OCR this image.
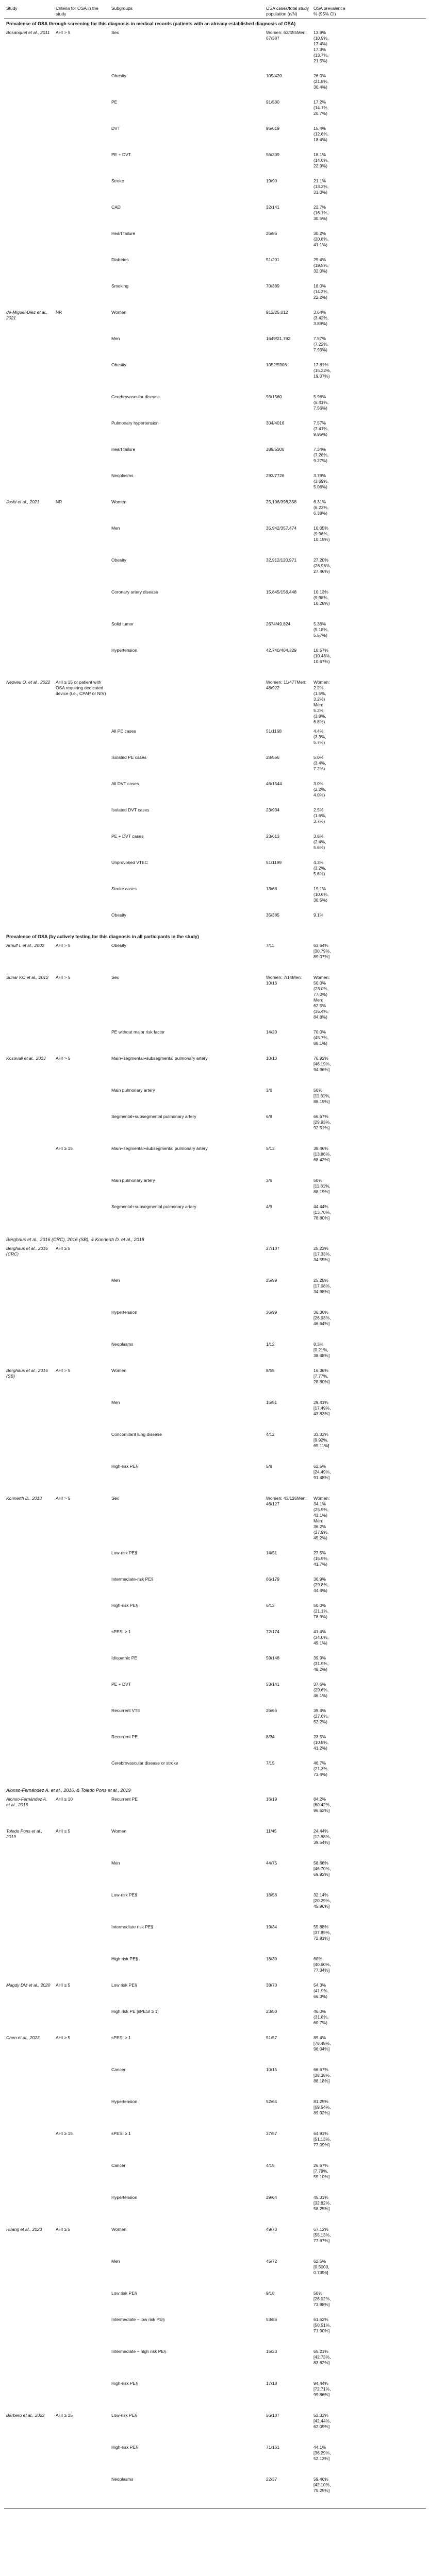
Study	Criteria for OSA in the study	Subgroups	OSA cases/total study population (n/N)	OSA prevalence
% (95% CI)

Prevalence of OSA through screening for this diagnosis in medical records (patients with an already established diagnosis of OSA)				
Bosanquet et al., 2011	AHI > 5	Sex	Women: 63/455Men: 67/387	13.9% (10.9%, 17.4%) 17.3% (13.7%, 21.5%)
		Obesity	109/420	26.0% (21.8%, 30.4%)
		PE	91/530	17.2% (14.1%, 20.7%)
		DVT	95/619	15.4% (12.6%, 18.4%)
		PE + DVT	56/309	18.1% (14.0%, 22.9%)
		Stroke	19/90	21.1% (13.2%, 31.0%)
		CAD	32/141	22.7% (16.1%, 30.5%)
		Heart failure	26/86	30.2% (20.8%, 41.1%)
		Diabetes	51/201	25.4% (19.5%, 32.0%)
		Smoking	70/389	18.0% (14.3%, 22.2%)
de-Miguel-Diez et al., 2021	NR	Women	912/25,012	3.64% (3.42%, 3.89%)
		Men	1649/21,792	7.57% (7.22%, 7.93%)
		Obesity	1052/5906	17.81% (15.22%, 19.07%)
		Cerebrovascular disease	93/1560	5.96% (5.41%, 7.56%)
		Pulmonary hypertension	304/4016	7.57% (7.41%, 9.95%)
		Heart failure	389/5300	7.34% (7.28%, 9.27%)
		Neoplasms	293/7726	3.79% (3.69%, 5.06%)
Joshi et al., 2021	NR	Women	25,106/398,358	6.31% (6.23%, 6.38%)
		Men	35,942/357,474	10.05% (9.96%, 10.15%)
		Obesity	32,912/120,971	27.20% (26.96%, 27.46%)
		Coronary artery disease	15,845/156,448	10.13% (9.98%, 10.28%)
		Solid tumor	2674/49,824	5.36% (5.18%, 5.57%)
		Hypertension	42,740/404,329	10.57% (10.48%, 10.67%)
Nepveu O. et al., 2022	AHI ≥ 15 or patient with OSA requiring dedicated device (i.e., CPAP or NIV)		Women: 11/477Men: 48/922	Women: 2.2% (1.5%, 3.2%) Men: 5.2% (3.8%, 6.8%)
		All PE cases	51/1168	4.4% (3.3%, 5.7%)
		Isolated PE cases	28/556	5.0% (3.4%, 7.2%)
		All DVT cases	46/1544	3.0% (2.2%, 4.0%)
		Isolated DVT cases	23/934	2.5% (1.6%, 3.7%)
		PE + DVT cases	23/613	3.8% (2.4%, 5.6%)
		Unprovoked VTEC	51/1199	4.3% (3.2%, 5.6%)
		Stroke cases	13/68	19.1% (10.6%, 30.5%)
		Obesity	35/385	9.1%
Prevalence of OSA (by actively testing for this diagnosis in all participants in the study)				
Arnulf I. et al., 2002	AHI > 5	Obesity	7/11	63.64% [30.79%, 89.07%]
Sunar KO et al., 2012	AHI > 5	Sex	Women: 7/14Men: 10/16	Women: 50.0% (23.0%, 77.0%) Men: 62.5% (35.4%, 84.8%)
		PE without major risk factor	14/20	70.0% (45.7%, 88.1%)
Kosovali et al., 2013	AHI > 5	Main+segmental+subsegmental pulmonary artery	10/13	76.92% [46.19%, 94.96%]
		Main pulmonary artery	3/6	50% [11.81%, 88.19%]
		Segmental+subsegmental pulmonary artery	6/9	66.67% [29.93%, 92.51%]
	AHI ≥ 15	Main+segmental+subsegmental pulmonary artery	5/13	38.46% [13.86%, 68.42%]
		Main pulmonary artery	3/6	50% [11.81%, 88.19%]
		Segmental+subsegmental pulmonary artery	4/9	44.44% [13.70%, 78.80%]
Berghaus et al., 2016 (CRC), 2016 (SB), & Konnerth D. et al., 2018				
Berghaus et al., 2016 (CRC)	AHI ≥ 5		27/107	25.23% [17.33%, 34.55%]
		Men	25/99	25.25% [17.08%, 34.98%]
		Hypertension	36/99	36.36% [26.93%, 46.64%]
		Neoplasms	1/12	8.3% [0.21%, 38.48%]
Berghaus et al., 2016 (SB)	AHI > 5	Women	8/55	16.36% [7.77%, 28.80%]
		Men	15/51	29.41% [17.49%, 43.83%]
		Concomitant lung disease	4/12	33.33% [9.92%, 65.11%]
		High-risk PE§	5/8	62.5% [24.49%, 91.48%]
Konnerth D., 2018	AHI > 5	Sex	Women: 43/126Men: 46/127	Women: 34.1% (25.9%, 43.1%) Men: 36.2% (27.9%, 45.2%)
		Low-risk PE§	14/51	27.5% (15.9%, 41.7%)
		Intermediate-risk PE§	66/179	36.9% (29.8%, 44.4%)
		High-risk PE§	6/12	50.0% (21.1%, 78.9%)
		sPESI ≥ 1	72/174	41.4% (34.0%, 49.1%)
		Idiopathic PE	59/148	39.9% (31.9%, 48.2%)
		PE + DVT	53/141	37.6% (29.6%, 46.1%)
		Recurrent VTE	26/66	39.4% (27.6%, 52.2%)
		Recurrent PE	8/34	23.5% (10.8%, 41.2%)
		Cerebrovascular disease or stroke	7/15	46.7% (21.3%, 73.4%)
Alonso-Fernández A. et al., 2016, & Toledo Pons et al., 2019				
Alonso-Fernández A. et al., 2016	AHI ≥ 10	Recurrent PE	16/19	84.2% [60.42%, 96.62%]
Toledo Pons et al., 2019	AHI ≥ 5	Women	11/45	24.44% [12.88%, 39.54%]
		Men	44/75	58.66% [46.70%, 69.92%]
		Low-risk PE§	18/56	32.14% [20.29%, 45.96%]
		Intermediate risk PE§	19/34	55.88% [37.89%, 72.81%]
		High risk PE§	18/30	60% [40.60%, 77.34%]
Magdy DM et al., 2020	AHI ≥ 5	Low risk PE§	38/70	54.3% (41.9%, 66.3%)
		High risk PE [sPESI ≥ 1]	23/50	46.0% (31.8%, 60.7%)
Chen et al., 2023	AHI ≥ 5	sPESI ≥ 1	51/57	89.4% [78.48%, 96.04%]
		Cancer	10/15	66.67% [38.38%, 88.18%]
		Hypertension	52/64	81.25% [69.54%, 89.92%]
	AHI ≥ 15	sPESI ≥ 1	37/57	64.91% [51.13%, 77.09%]
		Cancer	4/15	26.67% [7.79%, 55.10%]
		Hypertension	29/64	45.31% [32.82%, 58.25%]
Huang et al., 2023	AHI ≥ 5	Women	49/73	67.12% [55.13%, 77.67%]
		Men	45/72	62.5% [0.5000, 0.7396]
		Low risk PE§	9/18	50% [26.02%, 73.98%]
		Intermediate – low risk PE§	53/86	61.62% [50.51%, 71.90%]
		Intermediate – high risk PE§	15/23	65.21% [42.73%, 83.62%]
		High-risk PE§	17/18	94.44% [72.71%, 99.86%]
Barbero et al., 2022	AHI ≥ 15	Low-risk PE§	56/107	52.33% [42.44%, 62.09%]
		High-risk PE§	71/161	44.1% [36.29%, 52.13%]
		Neoplasms	22/37	59.46% [42.10%, 75.25%]
